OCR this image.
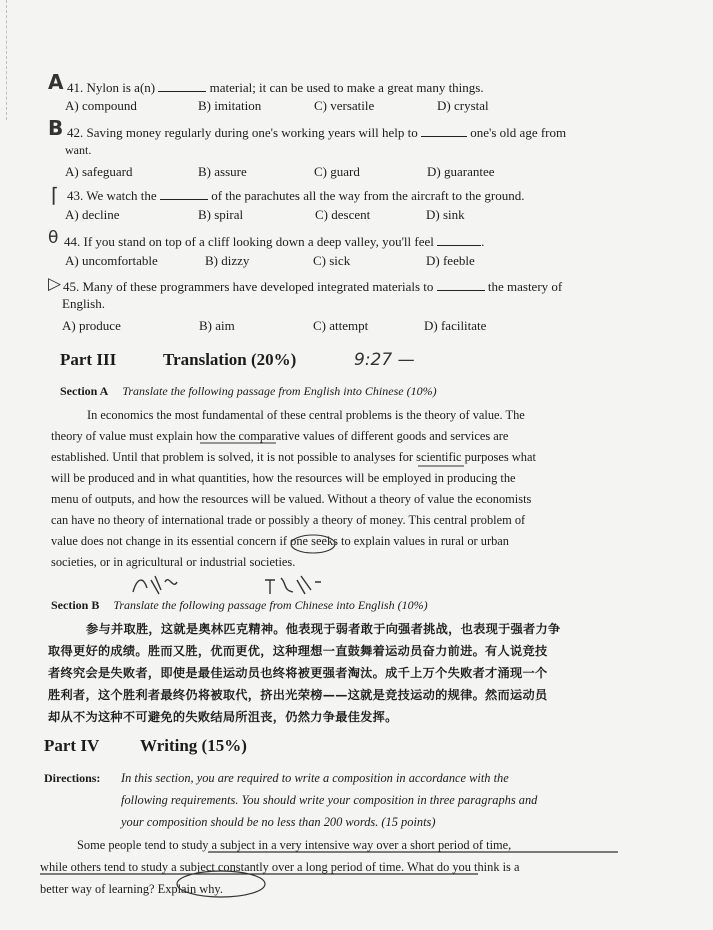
A 41. Nylon is a(n)	material; it can be used to make a great many things.
A) compound	B) imitation	C) versatile	D) crystal
B 42. Saving money regularly during one's working years will help to	one's old age from
want.
A) safeguard	B) assure	C) guard	D) guarantee
⌈ 43. We watch the	of the parachutes all the way from the aircraft to the ground.
A) decline	B) spiral	C) descent	D) sink
θ 44. If you stand on top of a cliff looking down a deep valley, you'll feel	.
A) uncomfortable	B) dizzy	C) sick	D) feeble
▷ 45. Many of these programmers have developed integrated materials to	the mastery of
English.
A) produce	B) aim	C) attempt	D) facilitate
Part III	Translation (20%)	9:27 —
Section A Translate the following passage from English into Chinese (10%)
In economics the most fundamental of these central problems is the theory of value. The
theory of value must explain how the comparative values of different goods and services are
established. Until that problem is solved, it is not possible to analyses for scientific purposes what
will be produced and in what quantities, how the resources will be employed in producing the
menu of outputs, and how the resources will be valued. Without a theory of value the economists
can have no theory of international trade or possibly a theory of money. This central problem of
value does not change in its essential concern if one seeks to explain values in rural or urban
societies, or in agricultural or industrial societies.
Section B Translate the following passage from Chinese into English (10%)
参与并取胜，这就是奥林匹克精神。他表现于弱者敢于向强者挑战，也表现于强者力争
取得更好的成绩。胜而又胜，优而更优，这种理想一直鼓舞着运动员奋力前进。有人说竞技
者终究会是失败者，即使是最佳运动员也终将被更强者淘汰。成千上万个失败者才涌现一个
胜利者，这个胜利者最终仍将被取代，挤出光荣榜——这就是竞技运动的规律。然而运动员
却从不为这种不可避免的失败结局所沮丧，仍然力争最佳发挥。
Part IV Writing (15%)
Directions: In this section, you are required to write a composition in accordance with the
following requirements. You should write your composition in three paragraphs and
your composition should be no less than 200 words. (15 points)
Some people tend to study a subject in a very intensive way over a short period of time,
while others tend to study a subject constantly over a long period of time. What do you think is a
better way of learning? Explain why.
